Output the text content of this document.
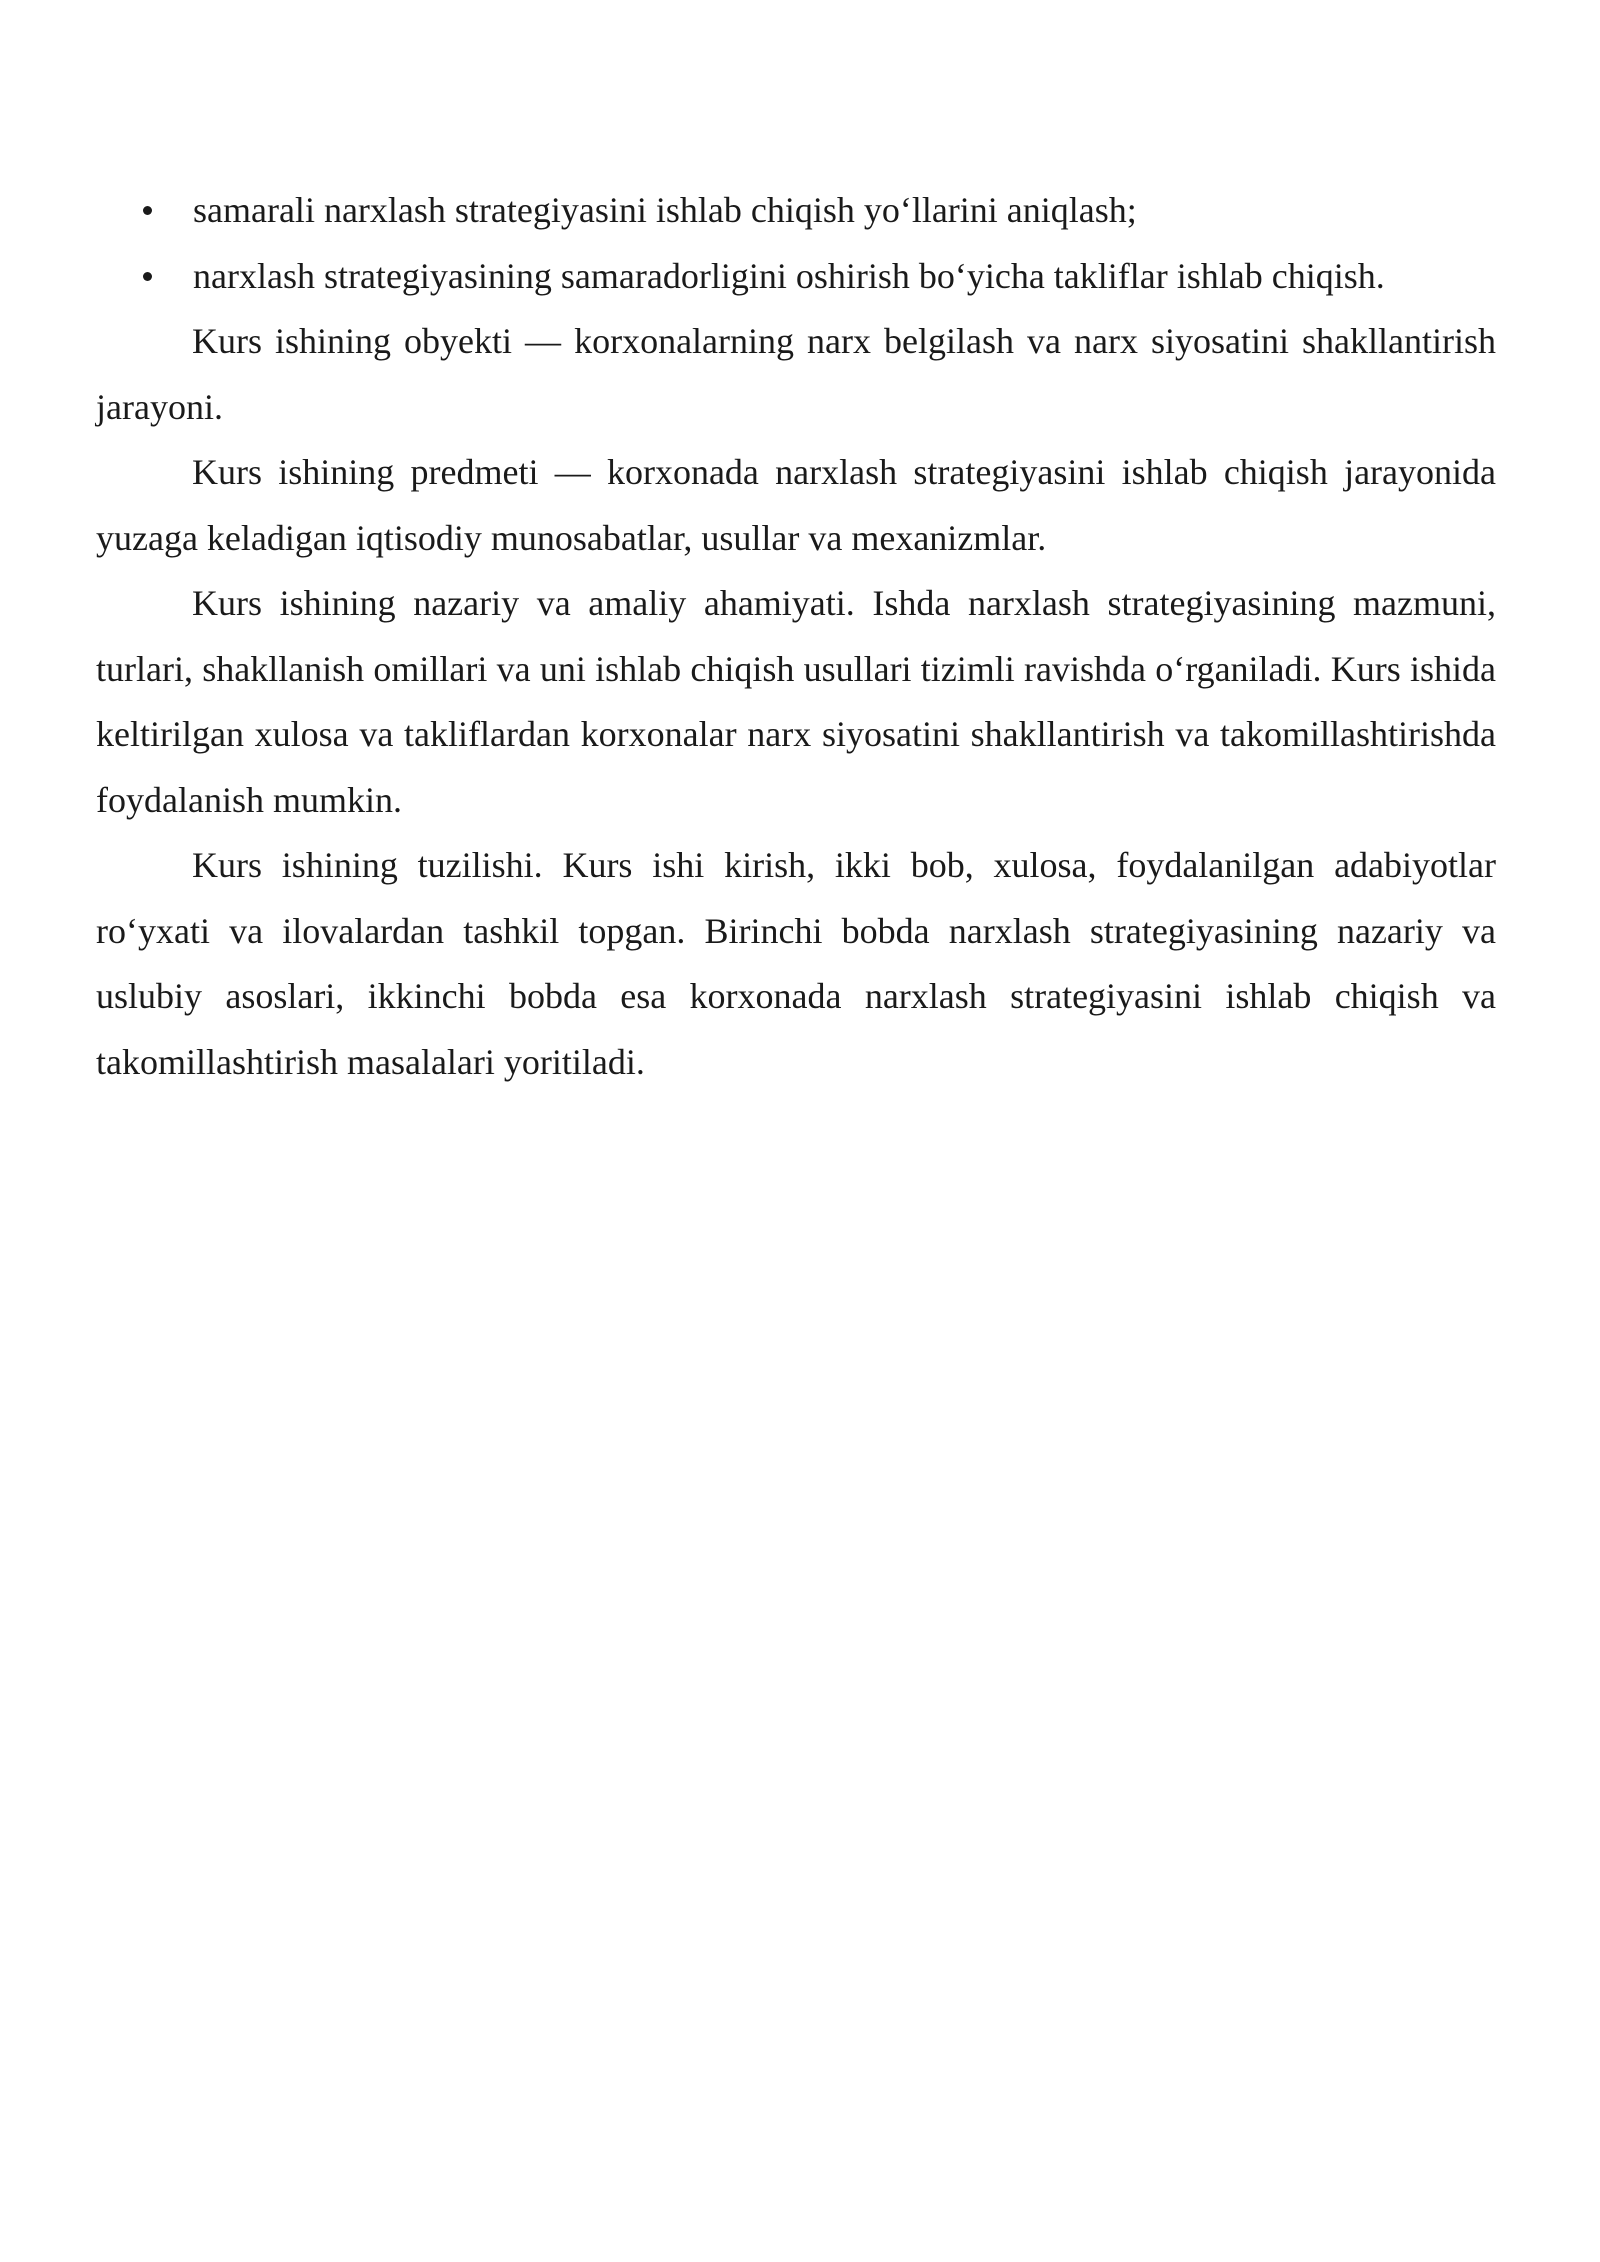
samarali narxlash strategiyasini ishlab chiqish yo‘llarini aniqlash;
narxlash strategiyasining samaradorligini oshirish bo‘yicha takliflar ishlab chiqish.

Kurs ishining obyekti — korxonalarning narx belgilash va narx siyosatini shakllantirish jarayoni.

Kurs ishining predmeti — korxonada narxlash strategiyasini ishlab chiqish jarayonida yuzaga keladigan iqtisodiy munosabatlar, usullar va mexanizmlar.

Kurs ishining nazariy va amaliy ahamiyati. Ishda narxlash strategiyasining mazmuni, turlari, shakllanish omillari va uni ishlab chiqish usullari tizimli ravishda o‘rganiladi. Kurs ishida keltirilgan xulosa va takliflardan korxonalar narx siyosatini shakllantirish va takomillashtirishda foydalanish mumkin.

Kurs ishining tuzilishi. Kurs ishi kirish, ikki bob, xulosa, foydalanilgan adabiyotlar ro‘yxati va ilovalardan tashkil topgan. Birinchi bobda narxlash strategiyasining nazariy va uslubiy asoslari, ikkinchi bobda esa korxonada narxlash strategiyasini ishlab chiqish va takomillashtirish masalalari yoritiladi.
